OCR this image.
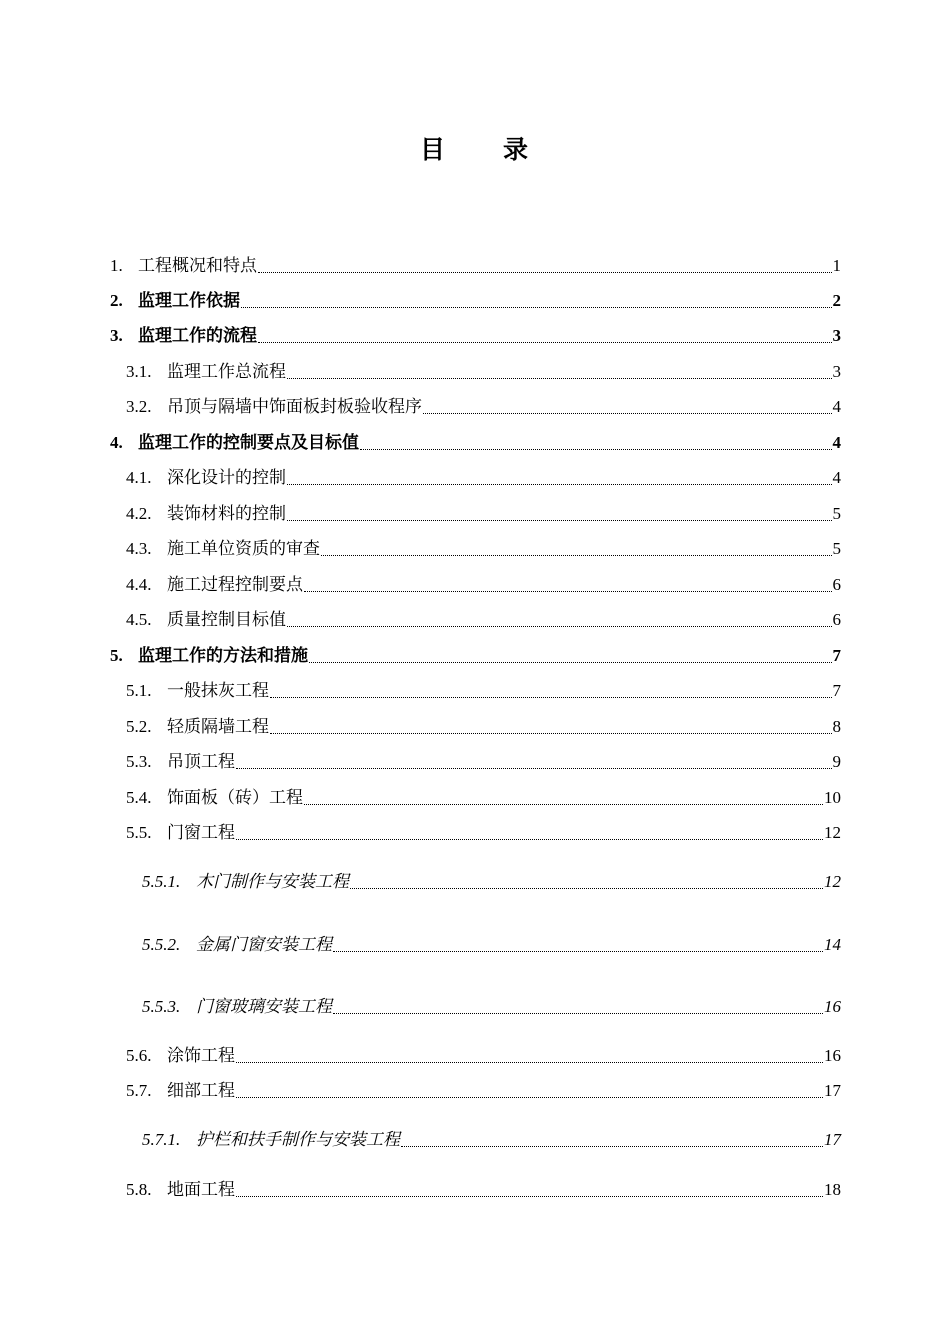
目 录
1. 工程概况和特点	1
2. 监理工作依据	2
3. 监理工作的流程	3
3.1. 监理工作总流程	3
3.2. 吊顶与隔墙中饰面板封板验收程序	4
4. 监理工作的控制要点及目标值	4
4.1. 深化设计的控制	4
4.2. 装饰材料的控制	5
4.3. 施工单位资质的审查	5
4.4. 施工过程控制要点	6
4.5. 质量控制目标值	6
5. 监理工作的方法和措施	7
5.1. 一般抹灰工程	7
5.2. 轻质隔墙工程	8
5.3. 吊顶工程	9
5.4. 饰面板（砖）工程	10
5.5. 门窗工程	12
5.5.1. 木门制作与安装工程	12
5.5.2. 金属门窗安装工程	14
5.5.3. 门窗玻璃安装工程	16
5.6. 涂饰工程	16
5.7. 细部工程	17
5.7.1. 护栏和扶手制作与安装工程	17
5.8. 地面工程	18
